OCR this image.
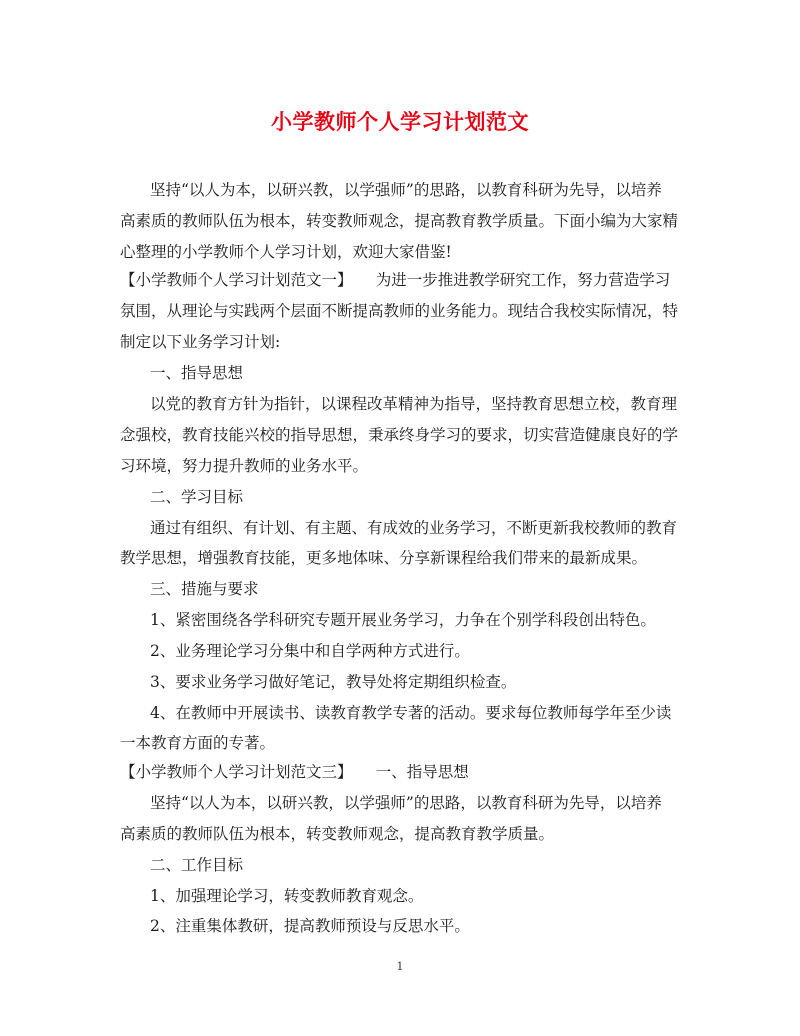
小学教师个人学习计划范文
坚持“以人为本，以研兴教，以学强师”的思路，以教育科研为先导，以培养
高素质的教师队伍为根本，转变教师观念，提高教育教学质量。下面小编为大家精
心整理的小学教师个人学习计划，欢迎大家借鉴!
【小学教师个人学习计划范文一】　　为进一步推进教学研究工作，努力营造学习
氛围，从理论与实践两个层面不断提高教师的业务能力。现结合我校实际情况，特
制定以下业务学习计划:
一、指导思想
以党的教育方针为指针，以课程改革精神为指导，坚持教育思想立校，教育理
念强校，教育技能兴校的指导思想，秉承终身学习的要求，切实营造健康良好的学
习环境，努力提升教师的业务水平。
二、学习目标
通过有组织、有计划、有主题、有成效的业务学习，不断更新我校教师的教育
教学思想，增强教育技能，更多地体味、分享新课程给我们带来的最新成果。
三、措施与要求
1、紧密围绕各学科研究专题开展业务学习，力争在个别学科段创出特色。
2、业务理论学习分集中和自学两种方式进行。
3、要求业务学习做好笔记，教导处将定期组织检查。
4、在教师中开展读书、读教育教学专著的活动。要求每位教师每学年至少读
一本教育方面的专著。
【小学教师个人学习计划范文三】　　一、指导思想
坚持“以人为本，以研兴教，以学强师”的思路，以教育科研为先导，以培养
高素质的教师队伍为根本，转变教师观念，提高教育教学质量。
二、工作目标
1、加强理论学习，转变教师教育观念。
2、注重集体教研，提高教师预设与反思水平。
1
